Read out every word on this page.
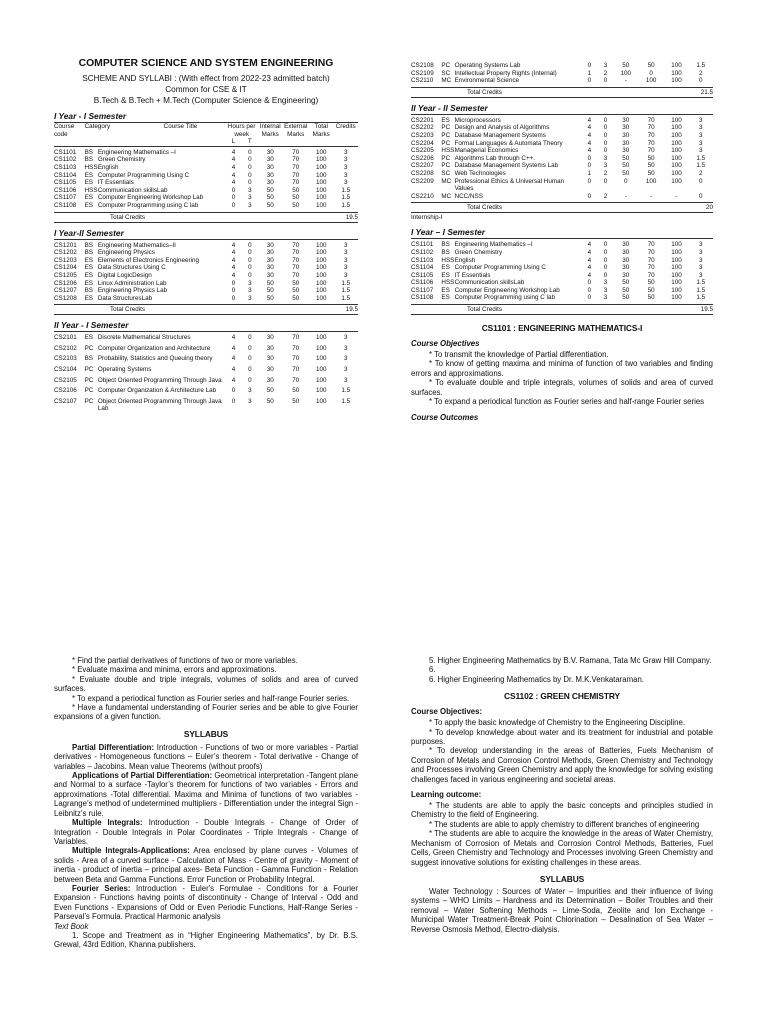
COMPUTER SCIENCE AND SYSTEM ENGINEERING
SCHEME AND SYLLABI : (With effect from 2022-23 admitted batch)
Common for CSE & IT
B.Tech & B.Tech + M.Tech (Computer Science & Engineering)
I Year - I Semester
Course code	Category	Course Title	Hours per week
L T
	Internal Marks	External Marks	Total Marks	Credits
CS1101	BS	Engineering Mathematics –I	4	0	30	70	100	3
CS1102	BS	Green Chemistry	4	0	30	70	100	3
CS1103	HSS	English	4	0	30	70	100	3
CS1104	ES	Computer Programming Using C	4	0	30	70	100	3
CS1105	ES	IT Essentials	4	0	30	70	100	3
CS1106	HSS	Communication skillsLab	0	3	50	50	100	1.5
CS1107	ES	Computer Engineering Workshop Lab	0	3	50	50	100	1.5
CS1108	ES	Computer Programming using C lab	0	3	50	50	100	1.5
Total Credits	19.5
I Year-II Semester
CS1201	BS	Engineering Mathematics–II	4	0	30	70	100	3
CS1202	BS	Engineering Physics	4	0	30	70	100	3
CS1203	ES	Elements of Electronics Engineering	4	0	30	70	100	3
CS1204	ES	Data Structures Using C	4	0	30	70	100	3
CS1205	ES	Digital LogicDesign	4	0	30	70	100	3
CS1206	ES	Linux Administration Lab	0	3	50	50	100	1.5
CS1207	BS	Engineering Physics Lab	0	3	50	50	100	1.5
CS1208	ES	Data StructuresLab	0	3	50	50	100	1.5
Total Credits	19.5
II Year - I Semester
CS2101	ES	Discrete Mathematical Structures	4	0	30	70	100	3
CS2102	PC	Computer Organization and Architecture	4	0	30	70	100	3
CS2103	BS	Probability, Statistics and Queuing theory	4	0	30	70	100	3
CS2104	PC	Operating Systems	4	0	30	70	100	3
CS2105	PC	Object Oriented Programming Through Java	4	0	30	70	100	3
CS2106	PC	Computer Organization & Architecture Lab	0	3	50	50	100	1.5
CS2107	PC	Object Oriented Programming Through Java Lab	0	3	50	50	100	1.5
CS2108	PC	Operating Systems Lab	0	3	50	50	100	1.5
CS2109	SC	Intellectual Property Rights (Internal)	1	2	100	0	100	2
CS2110	MC	Environmental Science	0	0	-	100	100	0
Total Credits	21.5
II Year - II Semester
CS2201	ES	Microprocessors	4	0	30	70	100	3
CS2202	PC	Design and Analysis of Algorithms	4	0	30	70	100	3
CS2203	PC	Database Management Systems	4	0	30	70	100	3
CS2204	PC	Formal Languages & Automata Theory	4	0	30	70	100	3
CS2205	HSS	Managerial Economics	4	0	30	70	100	3
CS2206	PC	Algorithms Lab through C++.	0	3	50	50	100	1.5
CS2207	PC	Database Management Systems Lab	0	3	50	50	100	1.5
CS2208	SC	Web Technologies	1	2	50	50	100	2
CS2209	MC	Professional Ethics & Universal Human Values	0	0	0	100	100	0
CS2210	MC	NCC/NSS	0	2	-	-	-	0
Total Credits	20
Internship-I
I Year – I Semester
CS1101	BS	Engineering Mathematics –I	4	0	30	70	100	3
CS1102	BS	Green Chemistry	4	0	30	70	100	3
CS1103	HSS	English	4	0	30	70	100	3
CS1104	ES	Computer Programming Using C	4	0	30	70	100	3
CS1105	ES	IT Essentials	4	0	30	70	100	3
CS1106	HSS	Communication skillsLab	0	3	50	50	100	1.5
CS1107	ES	Computer Engineering Workshop Lab	0	3	50	50	100	1.5
CS1108	ES	Computer Programming using C lab	0	3	50	50	100	1.5
Total Credits	19.5
CS1101 : ENGINEERING MATHEMATICS-I
Course Objectives

* To transmit the knowledge of Partial differentiation.

* To know of getting maxima and minima of function of two variables and finding errors and approximations.

* To evaluate double and triple integrals, volumes of solids and area of curved surfaces.

* To expand a periodical function as Fourier series and half-range Fourier series

Course Outcomes

* Find the partial derivatives of functions of two or more variables.

* Evaluate maxima and minima, errors and approximations.

* Evaluate double and triple integrals, volumes of solids and area of curved surfaces.

* To expand a periodical function as Fourier series and half-range Fourier series.

* Have a fundamental understanding of Fourier series and be able to give Fourier expansions of a given function.

SYLLABUS

Partial Differentiation: Introduction - Functions of two or more variables - Partial derivatives - Homogeneous functions – Euler’s theorem - Total derivative - Change of variables – Jacobins. Mean value Theorems (without proofs)

Applications of Partial Differentiation: Geometrical interpretation -Tangent plane and Normal to a surface -Taylor’s theorem for functions of two variables - Errors and approximations -Total differential. Maxima and Minima of functions of two variables - Lagrange’s method of undetermined multipliers - Differentiation under the integral Sign - Leibnitz’s rule.

Multiple Integrals: Introduction - Double Integrals - Change of Order of Integration - Double Integrals in Polar Coordinates - Triple Integrals - Change of Variables.

Multiple Integrals-Applications: Area enclosed by plane curves - Volumes of solids - Area of a curved surface - Calculation of Mass - Centre of gravity - Moment of inertia - product of inertia – principal axes- Beta Function - Gamma Function - Relation between Beta and Gamma Functions. Error Function or Probability Integral.

Fourier Series: Introduction - Euler's Formulae - Conditions for a Fourier Expansion - Functions having points of discontinuity - Change of Interval - Odd and Even Functions - Expansions of Odd or Even Periodic Functions, Half-Range Series - Parseval’s Formula. Practical Harmonic analysis

Text Book

1. Scope and Treatment as in “Higher Engineering Mathematics”, by Dr. B.S. Grewal, 43rd Edition, Khanna publishers.

5. Higher Engineering Mathematics by B.V. Ramana, Tata Mc Graw Hill Company. 6.

6. Higher Engineering Mathematics by Dr. M.K.Venkataraman.

CS1102 : GREEN CHEMISTRY
Course Objectives:

* To apply the basic knowledge of Chemistry to the Engineering Discipline.

* To develop knowledge about water and its treatment for industrial and potable purposes.

* To develop understanding in the areas of Batteries, Fuels Mechanism of Corrosion of Metals and Corrosion Control Methods, Green Chemistry and Technology and Processes involving Green Chemistry and apply the knowledge for solving existing challenges faced in various engineering and societal areas.

Learning outcome:

* The students are able to apply the basic concepts and principles studied in Chemistry to the field of Engineering.

* The students are able to apply chemistry to different branches of engineering

* The students are able to acquire the knowledge in the areas of Water Chemistry, Mechanism of Corrosion of Metals and Corrosion Control Methods, Batteries, Fuel Cells, Green Chemistry and Technology and Processes involving Green Chemistry and suggest innovative solutions for existing challenges in these areas.

SYLLABUS

Water Technology : Sources of Water – Impurities and their influence of living systems – WHO Limits – Hardness and its Determination – Boiler Troubles and their removal – Water Softening Methods – Lime-Soda, Zeolite and Ion Exchange - Municipal Water Treatment-Break Point Chlorination – Desalination of Sea Water – Reverse Osmosis Method, Electro-dialysis.
